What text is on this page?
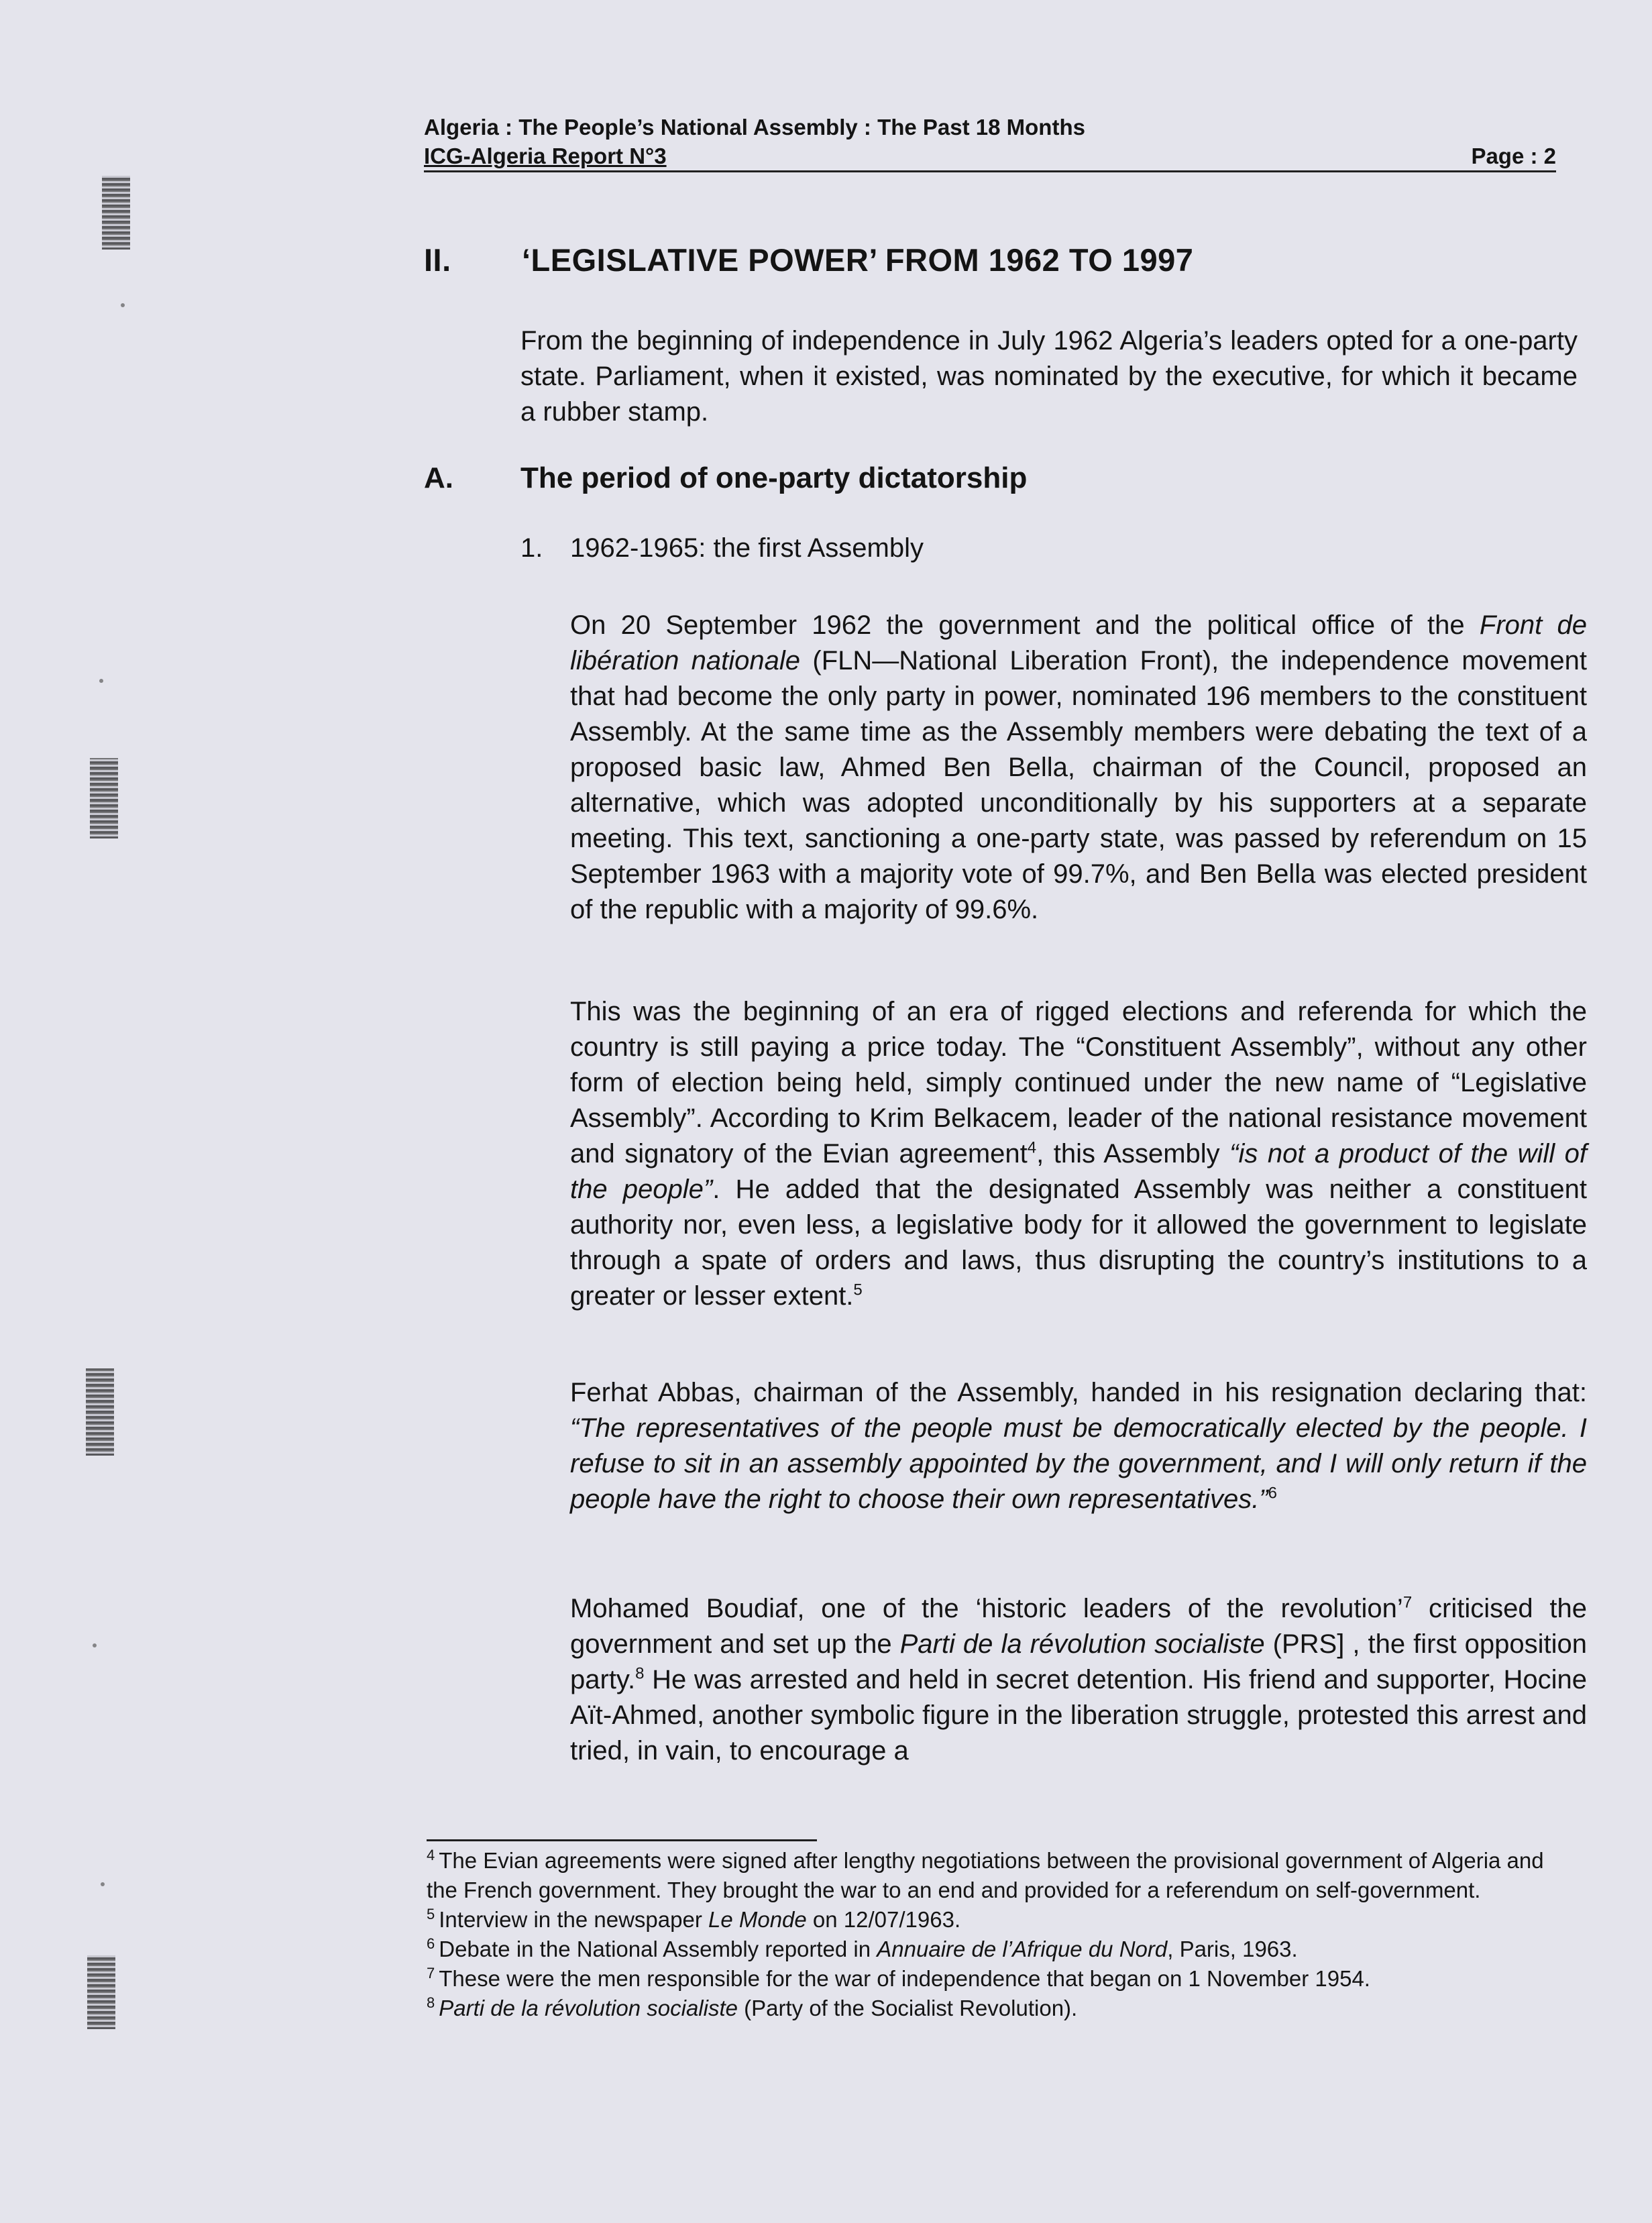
Algeria : The People’s National Assembly : The Past 18 Months
ICG-Algeria Report N°3	Page : 2
II. ‘LEGISLATIVE POWER’ FROM 1962 TO 1997

From the beginning of independence in July 1962 Algeria’s leaders opted for a one-party state. Parliament, when it existed, was nominated by the executive, for which it became a rubber stamp.

A. The period of one-party dictatorship
1. 1962-1965: the first Assembly

On 20 September 1962 the government and the political office of the Front de libération nationale (FLN—National Liberation Front), the independence movement that had become the only party in power, nominated 196 members to the constituent Assembly. At the same time as the Assembly members were debating the text of a proposed basic law, Ahmed Ben Bella, chairman of the Council, proposed an alternative, which was adopted unconditionally by his supporters at a separate meeting. This text, sanctioning a one-party state, was passed by referendum on 15 September 1963 with a majority vote of 99.7%, and Ben Bella was elected president of the republic with a majority of 99.6%.

This was the beginning of an era of rigged elections and referenda for which the country is still paying a price today. The “Constituent Assembly”, without any other form of election being held, simply continued under the new name of “Legislative Assembly”. According to Krim Belkacem, leader of the national resistance movement and signatory of the Evian agreement$^4$, this Assembly “is not a product of the will of the people”. He added that the designated Assembly was neither a constituent authority nor, even less, a legislative body for it allowed the government to legislate through a spate of orders and laws, thus disrupting the country’s institutions to a greater or lesser extent.$^5$

Ferhat Abbas, chairman of the Assembly, handed in his resignation declaring that: “The representatives of the people must be democratically elected by the people. I refuse to sit in an assembly appointed by the government, and I will only return if the people have the right to choose their own representatives.”$^6$

Mohamed Boudiaf, one of the ‘historic leaders of the revolution’$^7$ criticised the government and set up the Parti de la révolution socialiste (PRS] , the first opposition party.$^8$ He was arrested and held in secret detention. His friend and supporter, Hocine Aït-Ahmed, another symbolic figure in the liberation struggle, protested this arrest and tried, in vain, to encourage a

$^4$ The Evian agreements were signed after lengthy negotiations between the provisional government of Algeria and the French government. They brought the war to an end and provided for a referendum on self-government.
$^5$ Interview in the newspaper Le Monde on 12/07/1963.
$^6$ Debate in the National Assembly reported in Annuaire de l’Afrique du Nord, Paris, 1963.
$^7$ These were the men responsible for the war of independence that began on 1 November 1954.
$^8$ Parti de la révolution socialiste (Party of the Socialist Revolution).
